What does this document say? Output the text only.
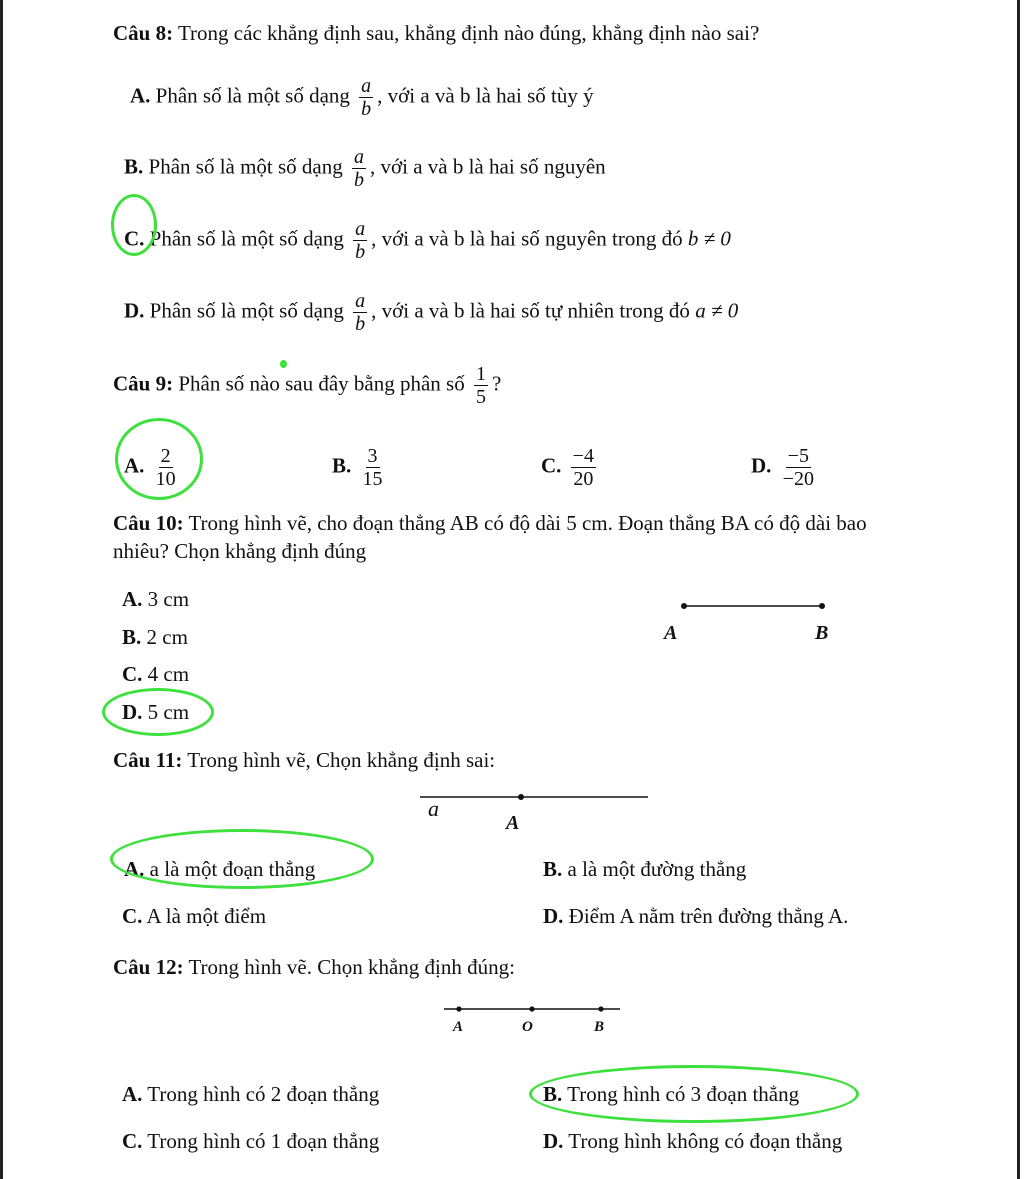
Câu 8: Trong các khẳng định sau, khẳng định nào đúng, khẳng định nào sai?
A. Phân số là một số dạng $\frac{a}{b}$ , với a và b là hai số tùy ý
B. Phân số là một số dạng $\frac{a}{b}$ , với a và b là hai số nguyên
C. Phân số là một số dạng $\frac{a}{b}$ , với a và b là hai số nguyên trong đó b ≠ 0
D. Phân số là một số dạng $\frac{a}{b}$ , với a và b là hai số tự nhiên trong đó a ≠ 0
Câu 9: Phân số nào sau đây bằng phân số $\frac{1}{5}$ ?
A. $\frac{2}{10}$	B. $\frac{3}{15}$	C. $\frac{-4}{20}$	D. $\frac{-5}{-20}$
Câu 10: Trong hình vẽ, cho đoạn thẳng AB có độ dài 5 cm. Đoạn thẳng BA có độ dài bao
nhiêu? Chọn khẳng định đúng
A. 3 cm
B. 2 cm
C. 4 cm
D. 5 cm
A	B
Câu 11: Trong hình vẽ, Chọn khẳng định sai:
a
A
A. a là một đoạn thẳng	B. a là một đường thẳng
C. A là một điểm	D. Điểm A nằm trên đường thẳng A.
Câu 12: Trong hình vẽ. Chọn khẳng định đúng:
A	O	B
A. Trong hình có 2 đoạn thẳng	B. Trong hình có 3 đoạn thẳng
C. Trong hình có 1 đoạn thẳng	D. Trong hình không có đoạn thẳng
